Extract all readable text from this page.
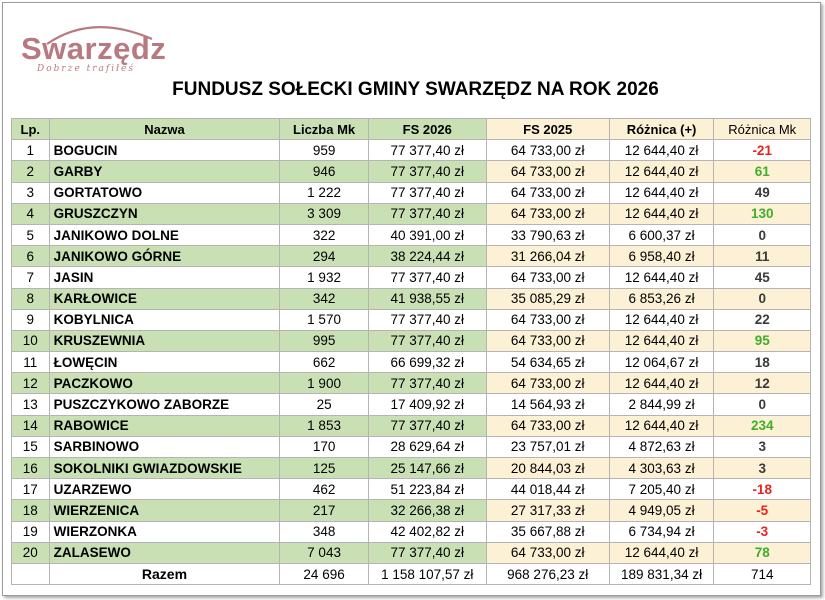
Swarzędz
Dobrze trafiłeś
FUNDUSZ SOŁECKI GMINY SWARZĘDZ NA ROK 2026
Lp.	Nazwa	Liczba Mk	FS 2026	FS 2025	Różnica (+)	Różnica Mk
1	BOGUCIN	959	77 377,40 zł	64 733,00 zł	12 644,40 zł	-21
2	GARBY	946	77 377,40 zł	64 733,00 zł	12 644,40 zł	61
3	GORTATOWO	1 222	77 377,40 zł	64 733,00 zł	12 644,40 zł	49
4	GRUSZCZYN	3 309	77 377,40 zł	64 733,00 zł	12 644,40 zł	130
5	JANIKOWO DOLNE	322	40 391,00 zł	33 790,63 zł	6 600,37 zł	0
6	JANIKOWO GÓRNE	294	38 224,44 zł	31 266,04 zł	6 958,40 zł	11
7	JASIN	1 932	77 377,40 zł	64 733,00 zł	12 644,40 zł	45
8	KARŁOWICE	342	41 938,55 zł	35 085,29 zł	6 853,26 zł	0
9	KOBYLNICA	1 570	77 377,40 zł	64 733,00 zł	12 644,40 zł	22
10	KRUSZEWNIA	995	77 377,40 zł	64 733,00 zł	12 644,40 zł	95
11	ŁOWĘCIN	662	66 699,32 zł	54 634,65 zł	12 064,67 zł	18
12	PACZKOWO	1 900	77 377,40 zł	64 733,00 zł	12 644,40 zł	12
13	PUSZCZYKOWO ZABORZE	25	17 409,92 zł	14 564,93 zł	2 844,99 zł	0
14	RABOWICE	1 853	77 377,40 zł	64 733,00 zł	12 644,40 zł	234
15	SARBINOWO	170	28 629,64 zł	23 757,01 zł	4 872,63 zł	3
16	SOKOLNIKI GWIAZDOWSKIE	125	25 147,66 zł	20 844,03 zł	4 303,63 zł	3
17	UZARZEWO	462	51 223,84 zł	44 018,44 zł	7 205,40 zł	-18
18	WIERZENICA	217	32 266,38 zł	27 317,33 zł	4 949,05 zł	-5
19	WIERZONKA	348	42 402,82 zł	35 667,88 zł	6 734,94 zł	-3
20	ZALASEWO	7 043	77 377,40 zł	64 733,00 zł	12 644,40 zł	78
	Razem	24 696	1 158 107,57 zł	968 276,23 zł	189 831,34 zł	714
